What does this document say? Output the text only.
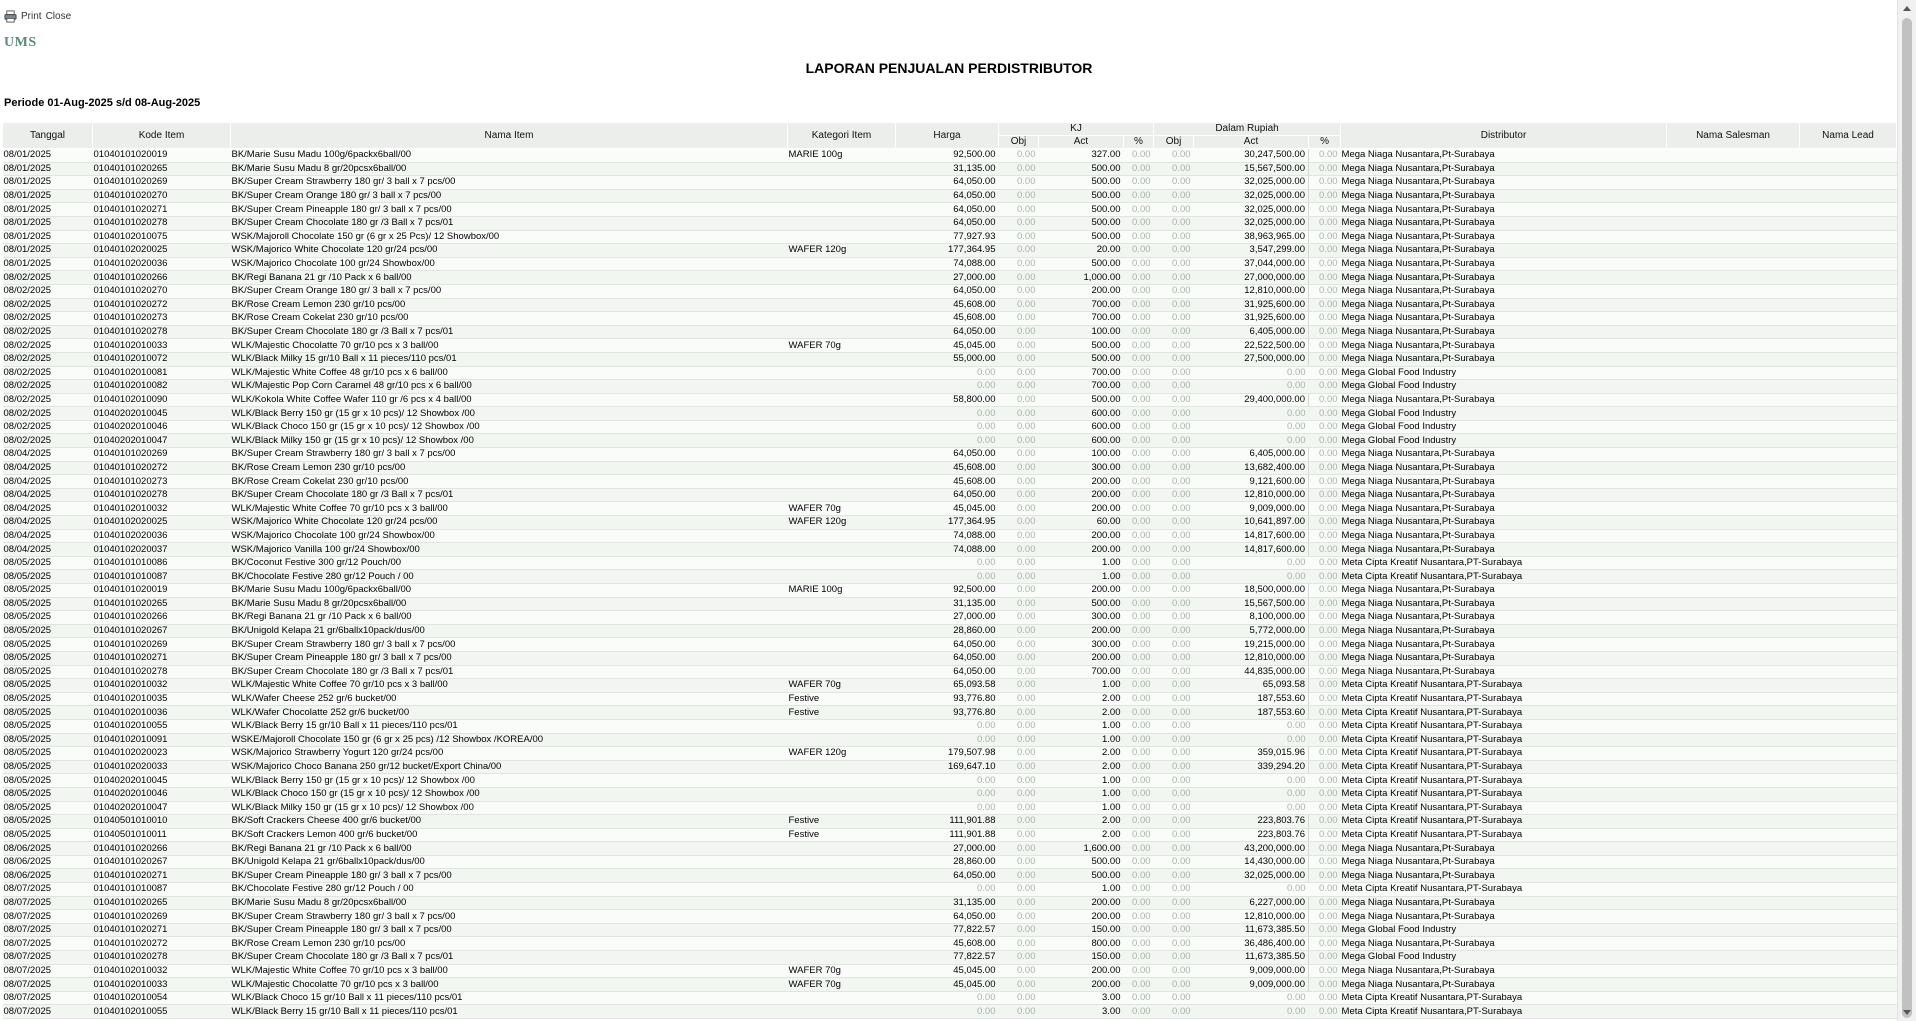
Print Close
UMS
LAPORAN PENJUALAN PERDISTRIBUTOR
Periode 01-Aug-2025 s/d 08-Aug-2025
Tanggal	Kode Item	Nama Item	Kategori Item	Harga	KJ			Dalam Rupiah			Distributor	Nama Salesman	Nama Lead
					Obj	Act	%	Obj	Act	%			
08/01/2025	01040101020019	BK/Marie Susu Madu 100g/6packx6ball/00	MARIE 100g	92,500.00	0.00	327.00	0.00	0.00	30,247,500.00	0.00	Mega Niaga Nusantara,Pt-Surabaya		
08/01/2025	01040101020265	BK/Marie Susu Madu 8 gr/20pcsx6ball/00		31,135.00	0.00	500.00	0.00	0.00	15,567,500.00	0.00	Mega Niaga Nusantara,Pt-Surabaya		
08/01/2025	01040101020269	BK/Super Cream Strawberry 180 gr/ 3 ball x 7 pcs/00		64,050.00	0.00	500.00	0.00	0.00	32,025,000.00	0.00	Mega Niaga Nusantara,Pt-Surabaya		
08/01/2025	01040101020270	BK/Super Cream Orange 180 gr/ 3 ball x 7 pcs/00		64,050.00	0.00	500.00	0.00	0.00	32,025,000.00	0.00	Mega Niaga Nusantara,Pt-Surabaya		
08/01/2025	01040101020271	BK/Super Cream Pineapple 180 gr/ 3 ball x 7 pcs/00		64,050.00	0.00	500.00	0.00	0.00	32,025,000.00	0.00	Mega Niaga Nusantara,Pt-Surabaya		
08/01/2025	01040101020278	BK/Super Cream Chocolate 180 gr /3 Ball x 7 pcs/01		64,050.00	0.00	500.00	0.00	0.00	32,025,000.00	0.00	Mega Niaga Nusantara,Pt-Surabaya		
08/01/2025	01040102010075	WSK/Majoroll Chocolate 150 gr (6 gr x 25 Pcs)/ 12 Showbox/00		77,927.93	0.00	500.00	0.00	0.00	38,963,965.00	0.00	Mega Niaga Nusantara,Pt-Surabaya		
08/01/2025	01040102020025	WSK/Majorico White Chocolate 120 gr/24 pcs/00	WAFER 120g	177,364.95	0.00	20.00	0.00	0.00	3,547,299.00	0.00	Mega Niaga Nusantara,Pt-Surabaya		
08/01/2025	01040102020036	WSK/Majorico Chocolate 100 gr/24 Showbox/00		74,088.00	0.00	500.00	0.00	0.00	37,044,000.00	0.00	Mega Niaga Nusantara,Pt-Surabaya		
08/02/2025	01040101020266	BK/Regi Banana 21 gr /10 Pack x 6 ball/00		27,000.00	0.00	1,000.00	0.00	0.00	27,000,000.00	0.00	Mega Niaga Nusantara,Pt-Surabaya		
08/02/2025	01040101020270	BK/Super Cream Orange 180 gr/ 3 ball x 7 pcs/00		64,050.00	0.00	200.00	0.00	0.00	12,810,000.00	0.00	Mega Niaga Nusantara,Pt-Surabaya		
08/02/2025	01040101020272	BK/Rose Cream Lemon 230 gr/10 pcs/00		45,608.00	0.00	700.00	0.00	0.00	31,925,600.00	0.00	Mega Niaga Nusantara,Pt-Surabaya		
08/02/2025	01040101020273	BK/Rose Cream Cokelat 230 gr/10 pcs/00		45,608.00	0.00	700.00	0.00	0.00	31,925,600.00	0.00	Mega Niaga Nusantara,Pt-Surabaya		
08/02/2025	01040101020278	BK/Super Cream Chocolate 180 gr /3 Ball x 7 pcs/01		64,050.00	0.00	100.00	0.00	0.00	6,405,000.00	0.00	Mega Niaga Nusantara,Pt-Surabaya		
08/02/2025	01040102010033	WLK/Majestic Chocolatte 70 gr/10 pcs x 3 ball/00	WAFER 70g	45,045.00	0.00	500.00	0.00	0.00	22,522,500.00	0.00	Mega Niaga Nusantara,Pt-Surabaya		
08/02/2025	01040102010072	WLK/Black Milky 15 gr/10 Ball x 11 pieces/110 pcs/01		55,000.00	0.00	500.00	0.00	0.00	27,500,000.00	0.00	Mega Niaga Nusantara,Pt-Surabaya		
08/02/2025	01040102010081	WLK/Majestic White Coffee 48 gr/10 pcs x 6 ball/00		0.00	0.00	700.00	0.00	0.00	0.00	0.00	Mega Global Food Industry		
08/02/2025	01040102010082	WLK/Majestic Pop Corn Caramel 48 gr/10 pcs x 6 ball/00		0.00	0.00	700.00	0.00	0.00	0.00	0.00	Mega Global Food Industry		
08/02/2025	01040102010090	WLK/Kokola White Coffee Wafer 110 gr /6 pcs x 4 ball/00		58,800.00	0.00	500.00	0.00	0.00	29,400,000.00	0.00	Mega Niaga Nusantara,Pt-Surabaya		
08/02/2025	01040202010045	WLK/Black Berry 150 gr (15 gr x 10 pcs)/ 12 Showbox /00		0.00	0.00	600.00	0.00	0.00	0.00	0.00	Mega Global Food Industry		
08/02/2025	01040202010046	WLK/Black Choco 150 gr (15 gr x 10 pcs)/ 12 Showbox /00		0.00	0.00	600.00	0.00	0.00	0.00	0.00	Mega Global Food Industry		
08/02/2025	01040202010047	WLK/Black Milky 150 gr (15 gr x 10 pcs)/ 12 Showbox /00		0.00	0.00	600.00	0.00	0.00	0.00	0.00	Mega Global Food Industry		
08/04/2025	01040101020269	BK/Super Cream Strawberry 180 gr/ 3 ball x 7 pcs/00		64,050.00	0.00	100.00	0.00	0.00	6,405,000.00	0.00	Mega Niaga Nusantara,Pt-Surabaya		
08/04/2025	01040101020272	BK/Rose Cream Lemon 230 gr/10 pcs/00		45,608.00	0.00	300.00	0.00	0.00	13,682,400.00	0.00	Mega Niaga Nusantara,Pt-Surabaya		
08/04/2025	01040101020273	BK/Rose Cream Cokelat 230 gr/10 pcs/00		45,608.00	0.00	200.00	0.00	0.00	9,121,600.00	0.00	Mega Niaga Nusantara,Pt-Surabaya		
08/04/2025	01040101020278	BK/Super Cream Chocolate 180 gr /3 Ball x 7 pcs/01		64,050.00	0.00	200.00	0.00	0.00	12,810,000.00	0.00	Mega Niaga Nusantara,Pt-Surabaya		
08/04/2025	01040102010032	WLK/Majestic White Coffee 70 gr/10 pcs x 3 ball/00	WAFER 70g	45,045.00	0.00	200.00	0.00	0.00	9,009,000.00	0.00	Mega Niaga Nusantara,Pt-Surabaya		
08/04/2025	01040102020025	WSK/Majorico White Chocolate 120 gr/24 pcs/00	WAFER 120g	177,364.95	0.00	60.00	0.00	0.00	10,641,897.00	0.00	Mega Niaga Nusantara,Pt-Surabaya		
08/04/2025	01040102020036	WSK/Majorico Chocolate 100 gr/24 Showbox/00		74,088.00	0.00	200.00	0.00	0.00	14,817,600.00	0.00	Mega Niaga Nusantara,Pt-Surabaya		
08/04/2025	01040102020037	WSK/Majorico Vanilla 100 gr/24 Showbox/00		74,088.00	0.00	200.00	0.00	0.00	14,817,600.00	0.00	Mega Niaga Nusantara,Pt-Surabaya		
08/05/2025	01040101010086	BK/Coconut Festive 300 gr/12 Pouch/00		0.00	0.00	1.00	0.00	0.00	0.00	0.00	Meta Cipta Kreatif Nusantara,PT-Surabaya		
08/05/2025	01040101010087	BK/Chocolate Festive 280 gr/12 Pouch / 00		0.00	0.00	1.00	0.00	0.00	0.00	0.00	Meta Cipta Kreatif Nusantara,PT-Surabaya		
08/05/2025	01040101020019	BK/Marie Susu Madu 100g/6packx6ball/00	MARIE 100g	92,500.00	0.00	200.00	0.00	0.00	18,500,000.00	0.00	Mega Niaga Nusantara,Pt-Surabaya		
08/05/2025	01040101020265	BK/Marie Susu Madu 8 gr/20pcsx6ball/00		31,135.00	0.00	500.00	0.00	0.00	15,567,500.00	0.00	Mega Niaga Nusantara,Pt-Surabaya		
08/05/2025	01040101020266	BK/Regi Banana 21 gr /10 Pack x 6 ball/00		27,000.00	0.00	300.00	0.00	0.00	8,100,000.00	0.00	Mega Niaga Nusantara,Pt-Surabaya		
08/05/2025	01040101020267	BK/Unigold Kelapa 21 gr/6ballx10pack/dus/00		28,860.00	0.00	200.00	0.00	0.00	5,772,000.00	0.00	Mega Niaga Nusantara,Pt-Surabaya		
08/05/2025	01040101020269	BK/Super Cream Strawberry 180 gr/ 3 ball x 7 pcs/00		64,050.00	0.00	300.00	0.00	0.00	19,215,000.00	0.00	Mega Niaga Nusantara,Pt-Surabaya		
08/05/2025	01040101020271	BK/Super Cream Pineapple 180 gr/ 3 ball x 7 pcs/00		64,050.00	0.00	200.00	0.00	0.00	12,810,000.00	0.00	Mega Niaga Nusantara,Pt-Surabaya		
08/05/2025	01040101020278	BK/Super Cream Chocolate 180 gr /3 Ball x 7 pcs/01		64,050.00	0.00	700.00	0.00	0.00	44,835,000.00	0.00	Mega Niaga Nusantara,Pt-Surabaya		
08/05/2025	01040102010032	WLK/Majestic White Coffee 70 gr/10 pcs x 3 ball/00	WAFER 70g	65,093.58	0.00	1.00	0.00	0.00	65,093.58	0.00	Meta Cipta Kreatif Nusantara,PT-Surabaya		
08/05/2025	01040102010035	WLK/Wafer Cheese 252 gr/6 bucket/00	Festive	93,776.80	0.00	2.00	0.00	0.00	187,553.60	0.00	Meta Cipta Kreatif Nusantara,PT-Surabaya		
08/05/2025	01040102010036	WLK/Wafer Chocolatte 252 gr/6 bucket/00	Festive	93,776.80	0.00	2.00	0.00	0.00	187,553.60	0.00	Meta Cipta Kreatif Nusantara,PT-Surabaya		
08/05/2025	01040102010055	WLK/Black Berry 15 gr/10 Ball x 11 pieces/110 pcs/01		0.00	0.00	1.00	0.00	0.00	0.00	0.00	Meta Cipta Kreatif Nusantara,PT-Surabaya		
08/05/2025	01040102010091	WSKE/Majoroll Chocolate 150 gr (6 gr x 25 pcs) /12 Showbox /KOREA/00		0.00	0.00	1.00	0.00	0.00	0.00	0.00	Meta Cipta Kreatif Nusantara,PT-Surabaya		
08/05/2025	01040102020023	WSK/Majorico Strawberry Yogurt 120 gr/24 pcs/00	WAFER 120g	179,507.98	0.00	2.00	0.00	0.00	359,015.96	0.00	Meta Cipta Kreatif Nusantara,PT-Surabaya		
08/05/2025	01040102020033	WSK/Majorico Choco Banana 250 gr/12 bucket/Export China/00		169,647.10	0.00	2.00	0.00	0.00	339,294.20	0.00	Meta Cipta Kreatif Nusantara,PT-Surabaya		
08/05/2025	01040202010045	WLK/Black Berry 150 gr (15 gr x 10 pcs)/ 12 Showbox /00		0.00	0.00	1.00	0.00	0.00	0.00	0.00	Meta Cipta Kreatif Nusantara,PT-Surabaya		
08/05/2025	01040202010046	WLK/Black Choco 150 gr (15 gr x 10 pcs)/ 12 Showbox /00		0.00	0.00	1.00	0.00	0.00	0.00	0.00	Meta Cipta Kreatif Nusantara,PT-Surabaya		
08/05/2025	01040202010047	WLK/Black Milky 150 gr (15 gr x 10 pcs)/ 12 Showbox /00		0.00	0.00	1.00	0.00	0.00	0.00	0.00	Meta Cipta Kreatif Nusantara,PT-Surabaya		
08/05/2025	01040501010010	BK/Soft Crackers Cheese 400 gr/6 bucket/00	Festive	111,901.88	0.00	2.00	0.00	0.00	223,803.76	0.00	Meta Cipta Kreatif Nusantara,PT-Surabaya		
08/05/2025	01040501010011	BK/Soft Crackers Lemon 400 gr/6 bucket/00	Festive	111,901.88	0.00	2.00	0.00	0.00	223,803.76	0.00	Meta Cipta Kreatif Nusantara,PT-Surabaya		
08/06/2025	01040101020266	BK/Regi Banana 21 gr /10 Pack x 6 ball/00		27,000.00	0.00	1,600.00	0.00	0.00	43,200,000.00	0.00	Mega Niaga Nusantara,Pt-Surabaya		
08/06/2025	01040101020267	BK/Unigold Kelapa 21 gr/6ballx10pack/dus/00		28,860.00	0.00	500.00	0.00	0.00	14,430,000.00	0.00	Mega Niaga Nusantara,Pt-Surabaya		
08/06/2025	01040101020271	BK/Super Cream Pineapple 180 gr/ 3 ball x 7 pcs/00		64,050.00	0.00	500.00	0.00	0.00	32,025,000.00	0.00	Mega Niaga Nusantara,Pt-Surabaya		
08/07/2025	01040101010087	BK/Chocolate Festive 280 gr/12 Pouch / 00		0.00	0.00	1.00	0.00	0.00	0.00	0.00	Meta Cipta Kreatif Nusantara,PT-Surabaya		
08/07/2025	01040101020265	BK/Marie Susu Madu 8 gr/20pcsx6ball/00		31,135.00	0.00	200.00	0.00	0.00	6,227,000.00	0.00	Mega Niaga Nusantara,Pt-Surabaya		
08/07/2025	01040101020269	BK/Super Cream Strawberry 180 gr/ 3 ball x 7 pcs/00		64,050.00	0.00	200.00	0.00	0.00	12,810,000.00	0.00	Mega Niaga Nusantara,Pt-Surabaya		
08/07/2025	01040101020271	BK/Super Cream Pineapple 180 gr/ 3 ball x 7 pcs/00		77,822.57	0.00	150.00	0.00	0.00	11,673,385.50	0.00	Mega Global Food Industry		
08/07/2025	01040101020272	BK/Rose Cream Lemon 230 gr/10 pcs/00		45,608.00	0.00	800.00	0.00	0.00	36,486,400.00	0.00	Mega Niaga Nusantara,Pt-Surabaya		
08/07/2025	01040101020278	BK/Super Cream Chocolate 180 gr /3 Ball x 7 pcs/01		77,822.57	0.00	150.00	0.00	0.00	11,673,385.50	0.00	Mega Global Food Industry		
08/07/2025	01040102010032	WLK/Majestic White Coffee 70 gr/10 pcs x 3 ball/00	WAFER 70g	45,045.00	0.00	200.00	0.00	0.00	9,009,000.00	0.00	Mega Niaga Nusantara,Pt-Surabaya		
08/07/2025	01040102010033	WLK/Majestic Chocolatte 70 gr/10 pcs x 3 ball/00	WAFER 70g	45,045.00	0.00	200.00	0.00	0.00	9,009,000.00	0.00	Mega Niaga Nusantara,Pt-Surabaya		
08/07/2025	01040102010054	WLK/Black Choco 15 gr/10 Ball x 11 pieces/110 pcs/01		0.00	0.00	3.00	0.00	0.00	0.00	0.00	Meta Cipta Kreatif Nusantara,PT-Surabaya		
08/07/2025	01040102010055	WLK/Black Berry 15 gr/10 Ball x 11 pieces/110 pcs/01		0.00	0.00	3.00	0.00	0.00	0.00	0.00	Meta Cipta Kreatif Nusantara,PT-Surabaya		
